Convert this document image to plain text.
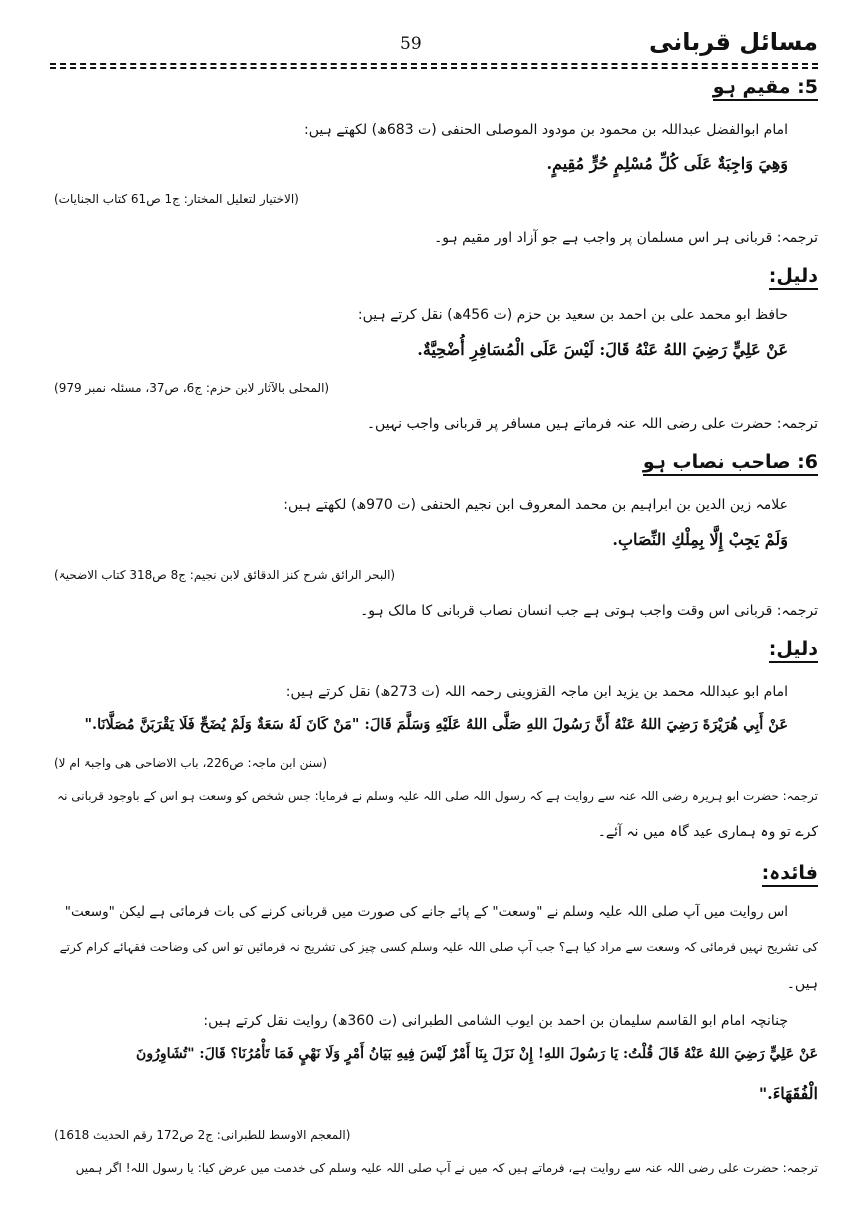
مسائل قربانی
59
5: مقیم ہو
امام ابوالفضل عبداللہ بن محمود بن مودود الموصلی الحنفی (ت 683ھ) لکھتے ہیں:
وَهِيَ وَاجِبَةٌ عَلَى كُلِّ مُسْلِمٍ حُرٍّ مُقِيمٍ.
(الاختیار لتعلیل المختار: ج1 ص61 کتاب الجنایات)
ترجمہ: قربانی ہر اس مسلمان پر واجب ہے جو آزاد اور مقیم ہو۔
دلیل:
حافظ ابو محمد علی بن احمد بن سعید بن حزم (ت 456ھ) نقل کرتے ہیں:
عَنْ عَلِيٍّ رَضِيَ اللهُ عَنْهُ قَالَ: لَيْسَ عَلَى الْمُسَافِرِ أُضْحِيَّةٌ.
(المحلی بالآثار لابن حزم: ج6، ص37، مسئلہ نمبر 979)
ترجمہ: حضرت علی رضی اللہ عنہ فرماتے ہیں مسافر پر قربانی واجب نہیں۔
6: صاحب نصاب ہو
علامہ زین الدین بن ابراہیم بن محمد المعروف ابن نجیم الحنفی (ت 970ھ) لکھتے ہیں:
وَلَمْ يَجِبْ إِلَّا بِمِلْكِ النِّصَابِ.
(البحر الرائق شرح کنز الدقائق لابن نجیم: ج8 ص318 کتاب الاضحیۃ)
ترجمہ: قربانی اس وقت واجب ہوتی ہے جب انسان نصاب قربانی کا مالک ہو۔
دلیل:
امام ابو عبداللہ محمد بن یزید ابن ماجہ القزوینی رحمہ اللہ (ت 273ھ) نقل کرتے ہیں:
عَنْ أَبِي هُرَيْرَةَ رَضِيَ اللهُ عَنْهُ أَنَّ رَسُولَ اللهِ صَلَّى اللهُ عَلَيْهِ وَسَلَّمَ قَالَ: "مَنْ كَانَ لَهُ سَعَةٌ وَلَمْ يُضَحِّ فَلَا يَقْرَبَنَّ مُصَلَّانَا."
(سنن ابن ماجہ: ص226، باب الاضاحی ھی واجبۃ ام لا)
ترجمہ: حضرت ابو ہریرہ رضی اللہ عنہ سے روایت ہے کہ رسول اللہ صلی اللہ علیہ وسلم نے فرمایا: جس شخص کو وسعت ہو اس کے باوجود قربانی نہ
کرے تو وہ ہماری عید گاہ میں نہ آئے۔
فائدہ:
اس روایت میں آپ صلی اللہ علیہ وسلم نے "وسعت" کے پائے جانے کی صورت میں قربانی کرنے کی بات فرمائی ہے لیکن "وسعت"
کی تشریح نہیں فرمائی کہ وسعت سے مراد کیا ہے؟ جب آپ صلی اللہ علیہ وسلم کسی چیز کی تشریح نہ فرمائیں تو اس کی وضاحت فقہائے کرام کرتے
ہیں۔
چنانچہ امام ابو القاسم سلیمان بن احمد بن ایوب الشامی الطبرانی (ت 360ھ) روایت نقل کرتے ہیں:
عَنْ عَلِيٍّ رَضِيَ اللهُ عَنْهُ قَالَ قُلْتُ: يَا رَسُولَ اللهِ! إِنْ نَزَلَ بِنَا أَمْرٌ لَيْسَ فِيهِ بَيَانُ أَمْرٍ وَلَا نَهْيٍ فَمَا تَأْمُرُنَا؟ قَالَ: "تُشَاوِرُونَ
الْفُقَهَاءَ."
(المعجم الاوسط للطبرانی: ج2 ص172 رقم الحدیث 1618)
ترجمہ: حضرت علی رضی اللہ عنہ سے روایت ہے، فرماتے ہیں کہ میں نے آپ صلی اللہ علیہ وسلم کی خدمت میں عرض کیا: یا رسول اللہ! اگر ہمیں
